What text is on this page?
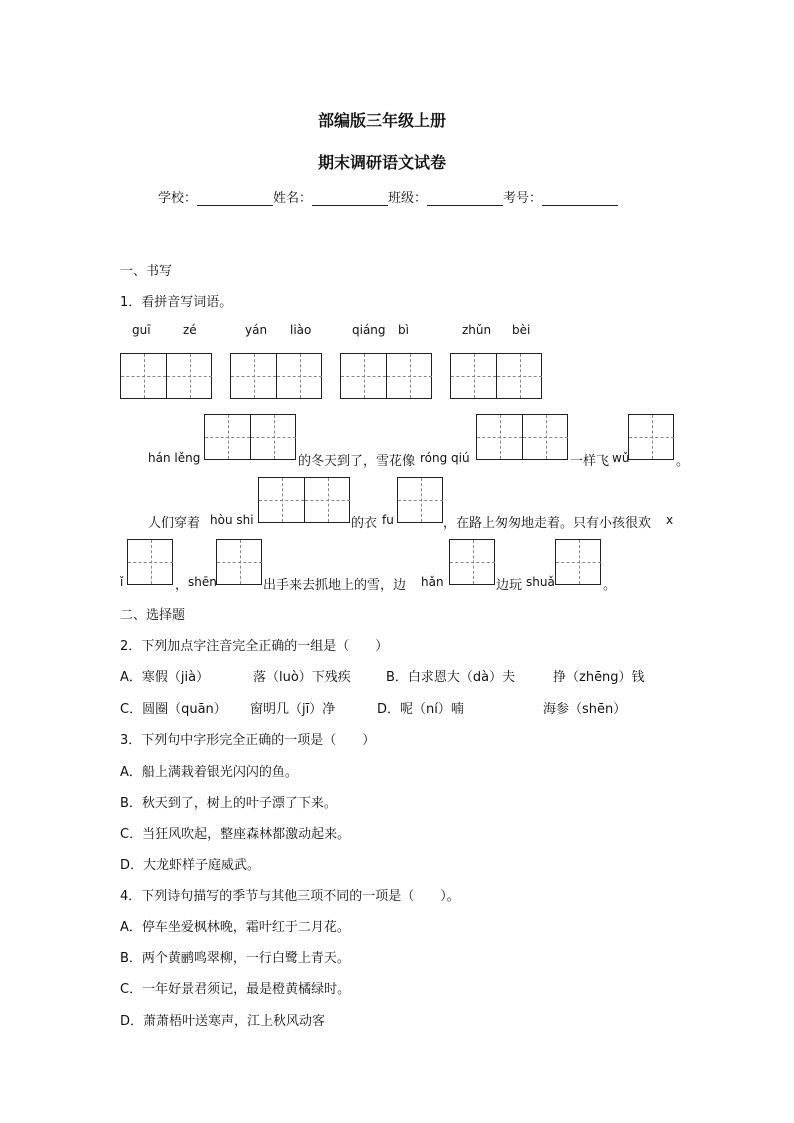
部编版三年级上册
期末调研语文试卷
学校：	姓名：	班级：	考号：
一、书写
1．看拼音写词语。
guī	zé	yán liào	qiáng bì	zhǔn bèi
hán lěng	的冬天到了，雪花像 róng qiú	一样飞 wǔ	。
人们穿着 hòu shi	的衣 fu	，在路上匆匆地走着。只有小孩很欢 x
ǐ	， shēn	出手来去抓地上的雪，边 hǎn	边玩 shuǎ	。
二、选择题
2．下列加点字注音完全正确的一组是（　　）
A．寒假（jià）	落（luò）下残疾	B．白求恩大（dà）夫	挣（zhēng）钱
C．圆圈（quān） 窗明几（jī）净	D．呢（ní）喃	海参（shēn）
3．下列句中字形完全正确的一项是（　　）
A．船上满栽着银光闪闪的鱼。
B．秋天到了，树上的叶子漂了下来。
C．当狂风吹起，整座森林都激动起来。
D．大龙虾样子庭威武。
4．下列诗句描写的季节与其他三项不同的一项是（　　）。
A．停车坐爱枫林晚，霜叶红于二月花。
B．两个黄鹂鸣翠柳，一行白鹭上青天。
C．一年好景君须记，最是橙黄橘绿时。
D．萧萧梧叶送寒声，江上秋风动客
